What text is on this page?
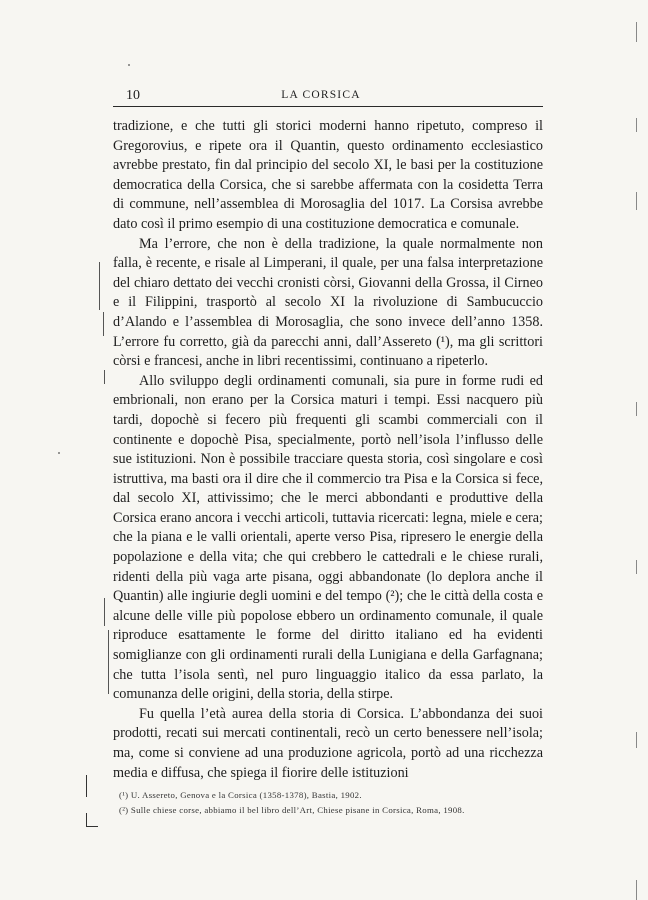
10	LA CORSICA

tradizione, e che tutti gli storici moderni hanno ripetuto, compreso il Gregorovius, e ripete ora il Quantin, questo ordinamento ecclesiastico avrebbe prestato, fin dal principio del secolo XI, le basi per la costituzione democratica della Corsica, che si sarebbe affermata con la cosidetta Terra di commune, nell’assemblea di Morosaglia del 1017. La Corsisa avrebbe dato così il primo esempio di una costituzione democratica e comunale.

Ma l’errore, che non è della tradizione, la quale normalmente non falla, è recente, e risale al Limperani, il quale, per una falsa interpretazione del chiaro dettato dei vecchi cronisti còrsi, Giovanni della Grossa, il Cirneo e il Filippini, trasportò al secolo XI la rivoluzione di Sambucuccio d’Alando e l’assemblea di Morosaglia, che sono invece dell’anno 1358. L’errore fu corretto, già da parecchi anni, dall’Assereto (¹), ma gli scrittori còrsi e francesi, anche in libri recentissimi, continuano a ripeterlo.

Allo sviluppo degli ordinamenti comunali, sia pure in forme rudi ed embrionali, non erano per la Corsica maturi i tempi. Essi nacquero più tardi, dopochè si fecero più frequenti gli scambi commerciali con il continente e dopochè Pisa, specialmente, portò nell’isola l’influsso delle sue istituzioni. Non è possibile tracciare questa storia, così singolare e così istruttiva, ma basti ora il dire che il commercio tra Pisa e la Corsica si fece, dal secolo XI, attivissimo; che le merci abbondanti e produttive della Corsica erano ancora i vecchi articoli, tuttavia ricercati: legna, miele e cera; che la piana e le valli orientali, aperte verso Pisa, ripresero le energie della popolazione e della vita; che qui crebbero le cattedrali e le chiese rurali, ridenti della più vaga arte pisana, oggi abbandonate (lo deplora anche il Quantin) alle ingiurie degli uomini e del tempo (²); che le città della costa e alcune delle ville più popolose ebbero un ordinamento comunale, il quale riproduce esattamente le forme del diritto italiano ed ha evidenti somiglianze con gli ordinamenti rurali della Lunigiana e della Garfagnana; che tutta l’isola sentì, nel puro linguaggio italico da essa parlato, la comunanza delle origini, della storia, della stirpe.

Fu quella l’età aurea della storia di Corsica. L’abbondanza dei suoi prodotti, recati sui mercati continentali, recò un certo benessere nell’isola; ma, come si conviene ad una produzione agricola, portò ad una ricchezza media e diffusa, che spiega il fiorire delle istituzioni

(¹) U. Assereto, Genova e la Corsica (1358-1378), Bastia, 1902.
(²) Sulle chiese corse, abbiamo il bel libro dell’Art, Chiese pisane in Corsica, Roma, 1908.
